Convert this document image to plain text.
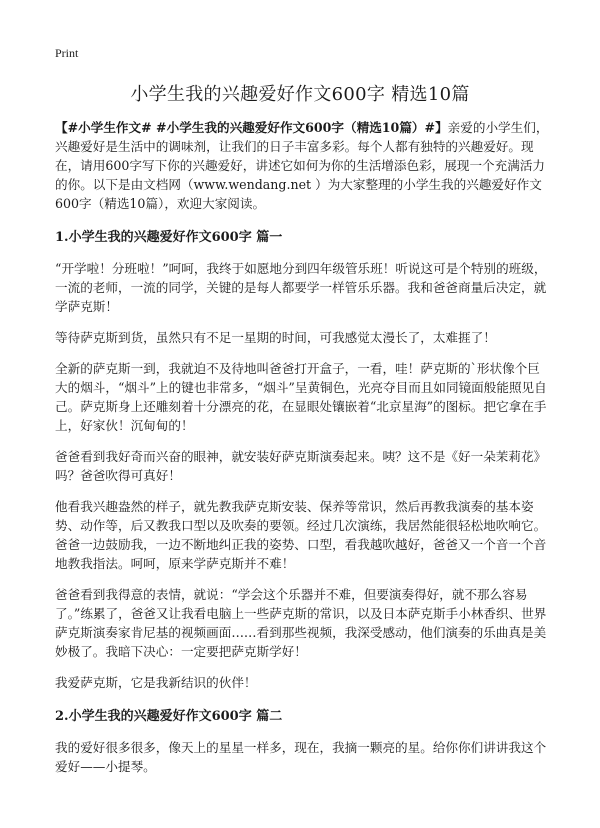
Print
小学生我的兴趣爱好作文600字 精选10篇

【#小学生作文# #小学生我的兴趣爱好作文600字（精选10篇）#】亲爱的小学生们，兴趣爱好是生活中的调味剂，让我们的日子丰富多彩。每个人都有独特的兴趣爱好。现在，请用600字写下你的兴趣爱好，讲述它如何为你的生活增添色彩，展现一个充满活力的你。以下是由文档网（www.wendang.net ）为大家整理的小学生我的兴趣爱好作文600字（精选10篇），欢迎大家阅读。

1.小学生我的兴趣爱好作文600字 篇一

“开学啦！分班啦！”呵呵，我终于如愿地分到四年级管乐班！听说这可是个特别的班级，一流的老师，一流的同学，关键的是每人都要学一样管乐乐器。我和爸爸商量后决定，就学萨克斯！

等待萨克斯到货，虽然只有不足一星期的时间，可我感觉太漫长了，太难捱了！

全新的萨克斯一到，我就迫不及待地叫爸爸打开盒子，一看，哇！萨克斯的`形状像个巨大的烟斗，“烟斗”上的键也非常多，“烟斗”呈黄铜色，光亮夺目而且如同镜面般能照见自己。萨克斯身上还雕刻着十分漂亮的花，在显眼处镶嵌着“北京星海”的图标。把它拿在手上，好家伙！沉甸甸的！

爸爸看到我好奇而兴奋的眼神，就安装好萨克斯演奏起来。咦？这不是《好一朵茉莉花》吗？爸爸吹得可真好！

他看我兴趣盎然的样子，就先教我萨克斯安装、保养等常识，然后再教我演奏的基本姿势、动作等，后又教我口型以及吹奏的要领。经过几次演练，我居然能很轻松地吹响它。爸爸一边鼓励我，一边不断地纠正我的姿势、口型，看我越吹越好，爸爸又一个音一个音地教我指法。呵呵，原来学萨克斯并不难！

爸爸看到我得意的表情，就说：“学会这个乐器并不难，但要演奏得好，就不那么容易了。”练累了，爸爸又让我看电脑上一些萨克斯的常识，以及日本萨克斯手小林香织、世界萨克斯演奏家肯尼基的视频画面……看到那些视频，我深受感动，他们演奏的乐曲真是美妙极了。我暗下决心：一定要把萨克斯学好！

我爱萨克斯，它是我新结识的伙伴！

2.小学生我的兴趣爱好作文600字 篇二

我的爱好很多很多，像天上的星星一样多，现在，我摘一颗亮的星。给你你们讲讲我这个爱好——小提琴。
